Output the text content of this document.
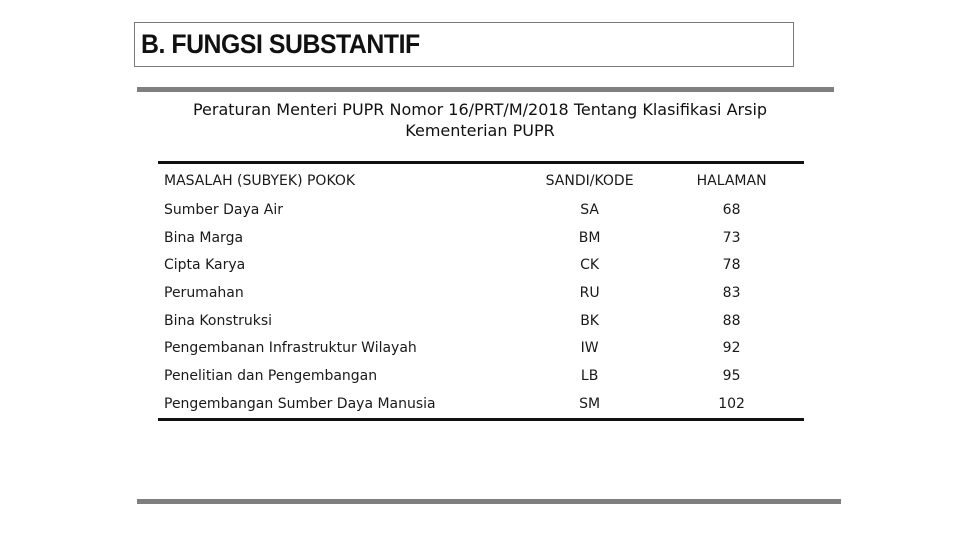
B. FUNGSI SUBSTANTIF
Peraturan Menteri PUPR Nomor 16/PRT/M/2018 Tentang Klasifikasi Arsip
Kementerian PUPR
MASALAH (SUBYEK) POKOK	SANDI/KODE	HALAMAN
Sumber Daya Air	SA	68
Bina Marga	BM	73
Cipta Karya	CK	78
Perumahan	RU	83
Bina Konstruksi	BK	88
Pengembanan Infrastruktur Wilayah	IW	92
Penelitian dan Pengembangan	LB	95
Pengembangan Sumber Daya Manusia	SM	102
